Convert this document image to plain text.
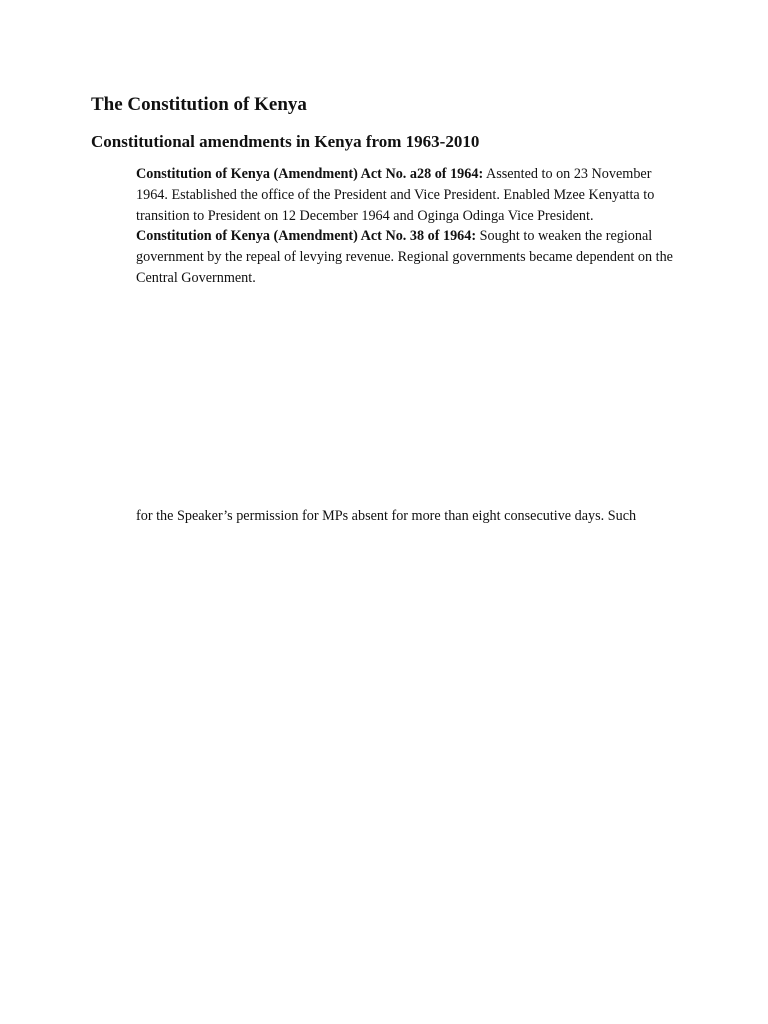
The Constitution of Kenya
Constitutional amendments in Kenya from 1963-2010

Constitution of Kenya (Amendment) Act No. a28 of 1964: Assented to on 23 November 1964. Established the office of the President and Vice President. Enabled Mzee Kenyatta to transition to President on 12 December 1964 and Oginga Odinga Vice President.

Constitution of Kenya (Amendment) Act No. 38 of 1964: Sought to weaken the regional government by the repeal of levying revenue. Regional governments became dependent on the Central Government.

for the Speaker’s permission for MPs absent for more than eight consecutive days. Such
